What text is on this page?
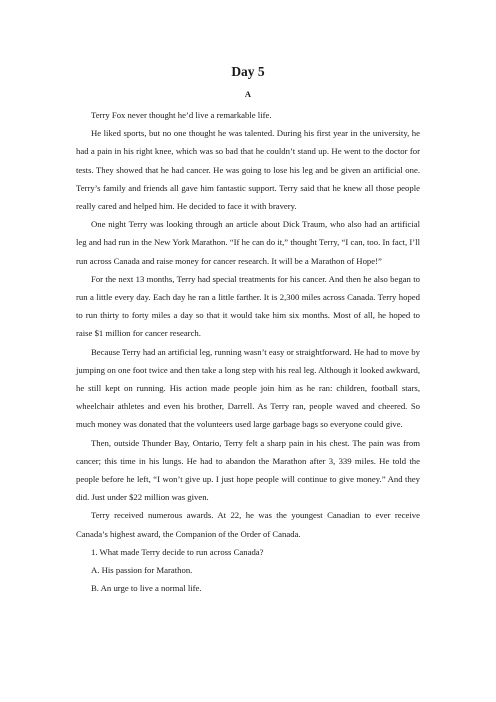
Day 5
A

Terry Fox never thought he’d live a remarkable life.

He liked sports, but no one thought he was talented. During his first year in the university, he had a pain in his right knee, which was so bad that he couldn’t stand up. He went to the doctor for tests. They showed that he had cancer. He was going to lose his leg and be given an artificial one. Terry’s family and friends all gave him fantastic support. Terry said that he knew all those people really cared and helped him. He decided to face it with bravery.

One night Terry was looking through an article about Dick Traum, who also had an artificial leg and had run in the New York Marathon. “If he can do it,” thought Terry, “I can, too. In fact, I’ll run across Canada and raise money for cancer research. It will be a Marathon of Hope!”

For the next 13 months, Terry had special treatments for his cancer. And then he also began to run a little every day. Each day he ran a little farther. It is 2,300 miles across Canada. Terry hoped to run thirty to forty miles a day so that it would take him six months. Most of all, he hoped to raise $1 million for cancer research.

Because Terry had an artificial leg, running wasn’t easy or straightforward. He had to move by jumping on one foot twice and then take a long step with his real leg. Although it looked awkward, he still kept on running. His action made people join him as he ran: children, football stars, wheelchair athletes and even his brother, Darrell. As Terry ran, people waved and cheered. So much money was donated that the volunteers used large garbage bags so everyone could give.

Then, outside Thunder Bay, Ontario, Terry felt a sharp pain in his chest. The pain was from cancer; this time in his lungs. He had to abandon the Marathon after 3, 339 miles. He told the people before he left, “I won’t give up. I just hope people will continue to give money.” And they did. Just under $22 million was given.

Terry received numerous awards. At 22, he was the youngest Canadian to ever receive Canada’s highest award, the Companion of the Order of Canada.

1. What made Terry decide to run across Canada?

A. His passion for Marathon.

B. An urge to live a normal life.
